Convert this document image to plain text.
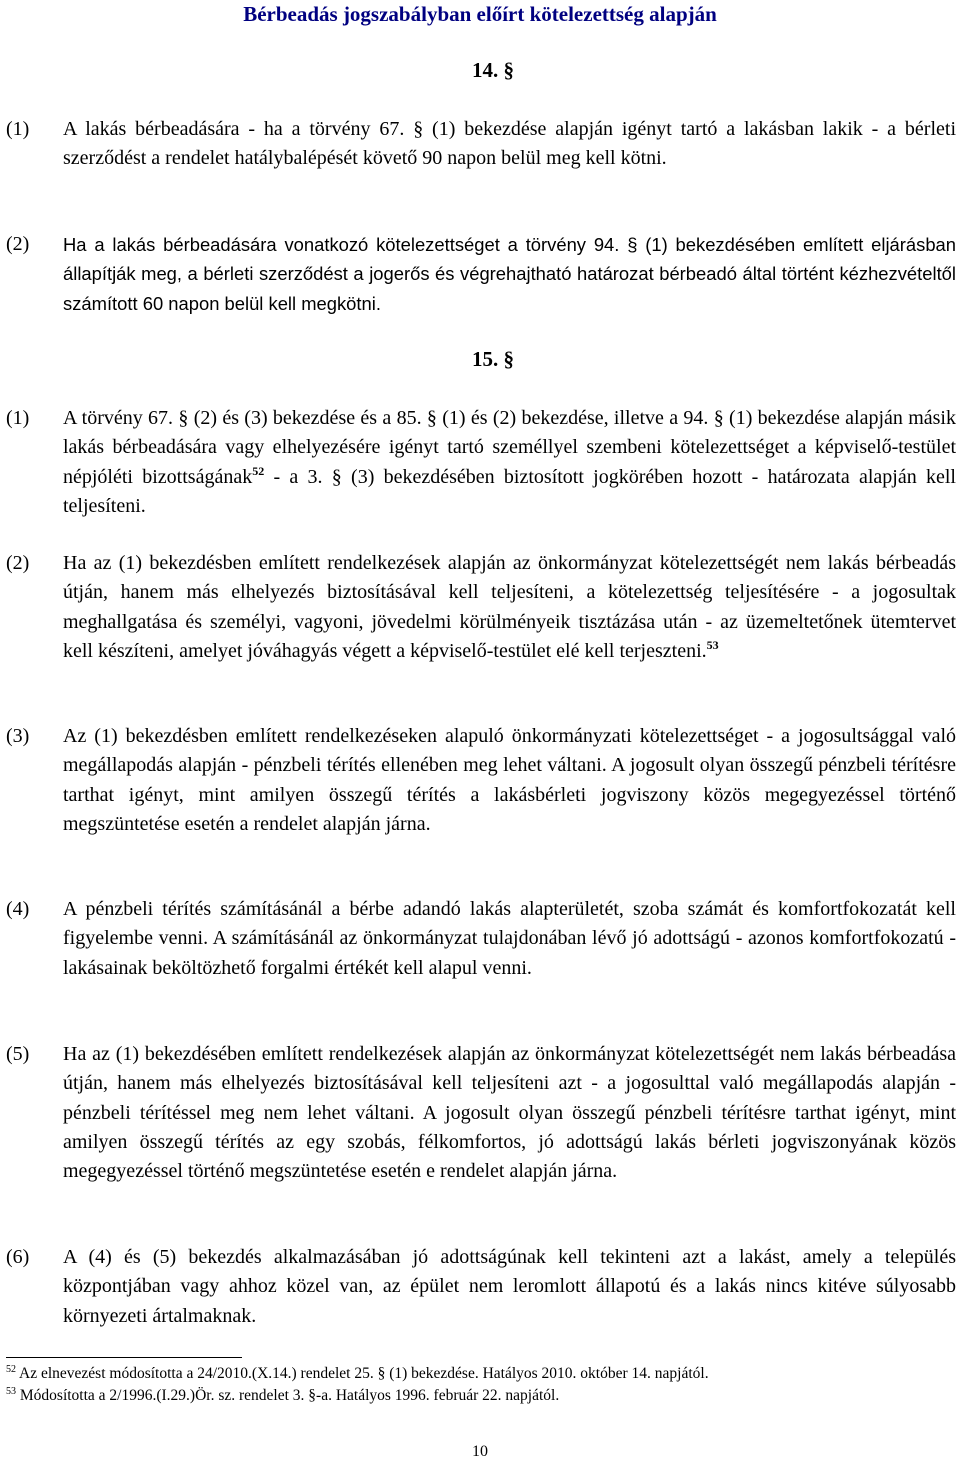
Bérbeadás jogszabályban előírt kötelezettség alapján
14. §
(1) A lakás bérbeadására - ha a törvény 67. § (1) bekezdése alapján igényt tartó a lakásban lakik - a bérleti szerződést a rendelet hatálybalépését követő 90 napon belül meg kell kötni.
(2) Ha a lakás bérbeadására vonatkozó kötelezettséget a törvény 94. § (1) bekezdésében említett eljárásban állapítják meg, a bérleti szerződést a jogerős és végrehajtható határozat bérbeadó által történt kézhezvételtől számított 60 napon belül kell megkötni.
15. §
(1) A törvény 67. § (2) és (3) bekezdése és a 85. § (1) és (2) bekezdése, illetve a 94. § (1) bekezdése alapján másik lakás bérbeadására vagy elhelyezésére igényt tartó személlyel szembeni kötelezettséget a képviselő-testület népjóléti bizottságának$^{52}$ - a 3. § (3) bekezdésében biztosított jogkörében hozott - határozata alapján kell teljesíteni.
(2) Ha az (1) bekezdésben említett rendelkezések alapján az önkormányzat kötelezettségét nem lakás bérbeadás útján, hanem más elhelyezés biztosításával kell teljesíteni, a kötelezettség teljesítésére - a jogosultak meghallgatása és személyi, vagyoni, jövedelmi körülményeik tisztázása után - az üzemeltetőnek ütemtervet kell készíteni, amelyet jóváhagyás végett a képviselő-testület elé kell terjeszteni.$^{53}$
(3) Az (1) bekezdésben említett rendelkezéseken alapuló önkormányzati kötelezettséget - a jogosultsággal való megállapodás alapján - pénzbeli térítés ellenében meg lehet váltani. A jogosult olyan összegű pénzbeli térítésre tarthat igényt, mint amilyen összegű térítés a lakásbérleti jogviszony közös megegyezéssel történő megszüntetése esetén a rendelet alapján járna.
(4) A pénzbeli térítés számításánál a bérbe adandó lakás alapterületét, szoba számát és komfortfokozatát kell figyelembe venni. A számításánál az önkormányzat tulajdonában lévő jó adottságú - azonos komfortfokozatú - lakásainak beköltözhető forgalmi értékét kell alapul venni.
(5) Ha az (1) bekezdésében említett rendelkezések alapján az önkormányzat kötelezettségét nem lakás bérbeadása útján, hanem más elhelyezés biztosításával kell teljesíteni azt - a jogosulttal való megállapodás alapján - pénzbeli térítéssel meg nem lehet váltani. A jogosult olyan összegű pénzbeli térítésre tarthat igényt, mint amilyen összegű térítés az egy szobás, félkomfortos, jó adottságú lakás bérleti jogviszonyának közös megegyezéssel történő megszüntetése esetén e rendelet alapján járna.
(6) A (4) és (5) bekezdés alkalmazásában jó adottságúnak kell tekinteni azt a lakást, amely a település központjában vagy ahhoz közel van, az épület nem leromlott állapotú és a lakás nincs kitéve súlyosabb környezeti ártalmaknak.
$^{52}$ Az elnevezést módosította a 24/2010.(X.14.) rendelet 25. § (1) bekezdése. Hatályos 2010. október 14. napjától.
$^{53}$ Módosította a 2/1996.(I.29.)Ör. sz. rendelet 3. §-a. Hatályos 1996. február 22. napjától.
10
